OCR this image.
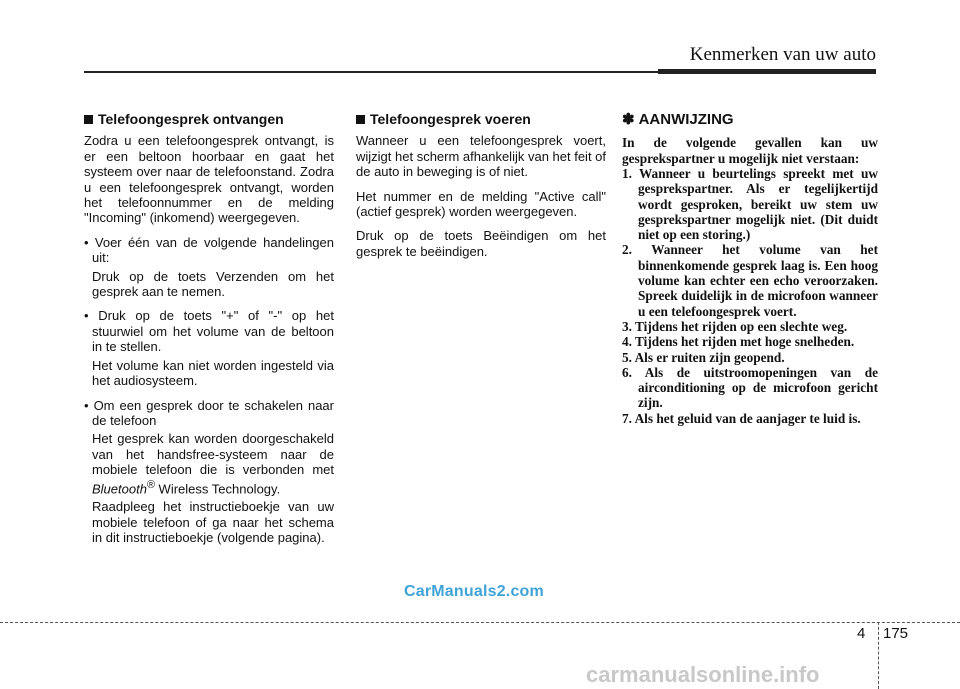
Kenmerken van uw auto
Telefoongesprek ontvangen

Zodra u een telefoongesprek ontvangt, is er een beltoon hoorbaar en gaat het systeem over naar de telefoonstand. Zodra u een telefoongesprek ontvangt, worden het telefoonnummer en de melding "Incoming" (inkomend) weergegeven.

• Voer één van de volgende handelingen uit:

Druk op de toets Verzenden om het gesprek aan te nemen.

• Druk op de toets "+" of "-" op het stuurwiel om het volume van de beltoon in te stellen.

Het volume kan niet worden ingesteld via het audiosysteem.

• Om een gesprek door te schakelen naar de telefoon

Het gesprek kan worden doorgeschakeld van het handsfree-systeem naar de mobiele telefoon die is verbonden met Bluetooth® Wireless Technology.

Raadpleeg het instructieboekje van uw mobiele telefoon of ga naar het schema in dit instructieboekje (volgende pagina).

Telefoongesprek voeren

Wanneer u een telefoongesprek voert, wijzigt het scherm afhankelijk van het feit of de auto in beweging is of niet.

Het nummer en de melding "Active call" (actief gesprek) worden weergegeven.

Druk op de toets Beëindigen om het gesprek te beëindigen.

✽ AANWIJZING
In de volgende gevallen kan uw gesprekspartner u mogelijk niet verstaan:
1. Wanneer u beurtelings spreekt met uw gesprekspartner. Als er tegelijkertijd wordt gesproken, bereikt uw stem uw gesprekspartner mogelijk niet. (Dit duidt niet op een storing.)
2. Wanneer het volume van het binnenkomende gesprek laag is. Een hoog volume kan echter een echo veroorzaken. Spreek duidelijk in de microfoon wanneer u een telefoongesprek voert.
3. Tijdens het rijden op een slechte weg.
4. Tijdens het rijden met hoge snelheden.
5. Als er ruiten zijn geopend.
6. Als de uitstroomopeningen van de airconditioning op de microfoon gericht zijn.
7. Als het geluid van de aanjager te luid is.
CarManuals2.com
4 175
carmanualsonline.info
